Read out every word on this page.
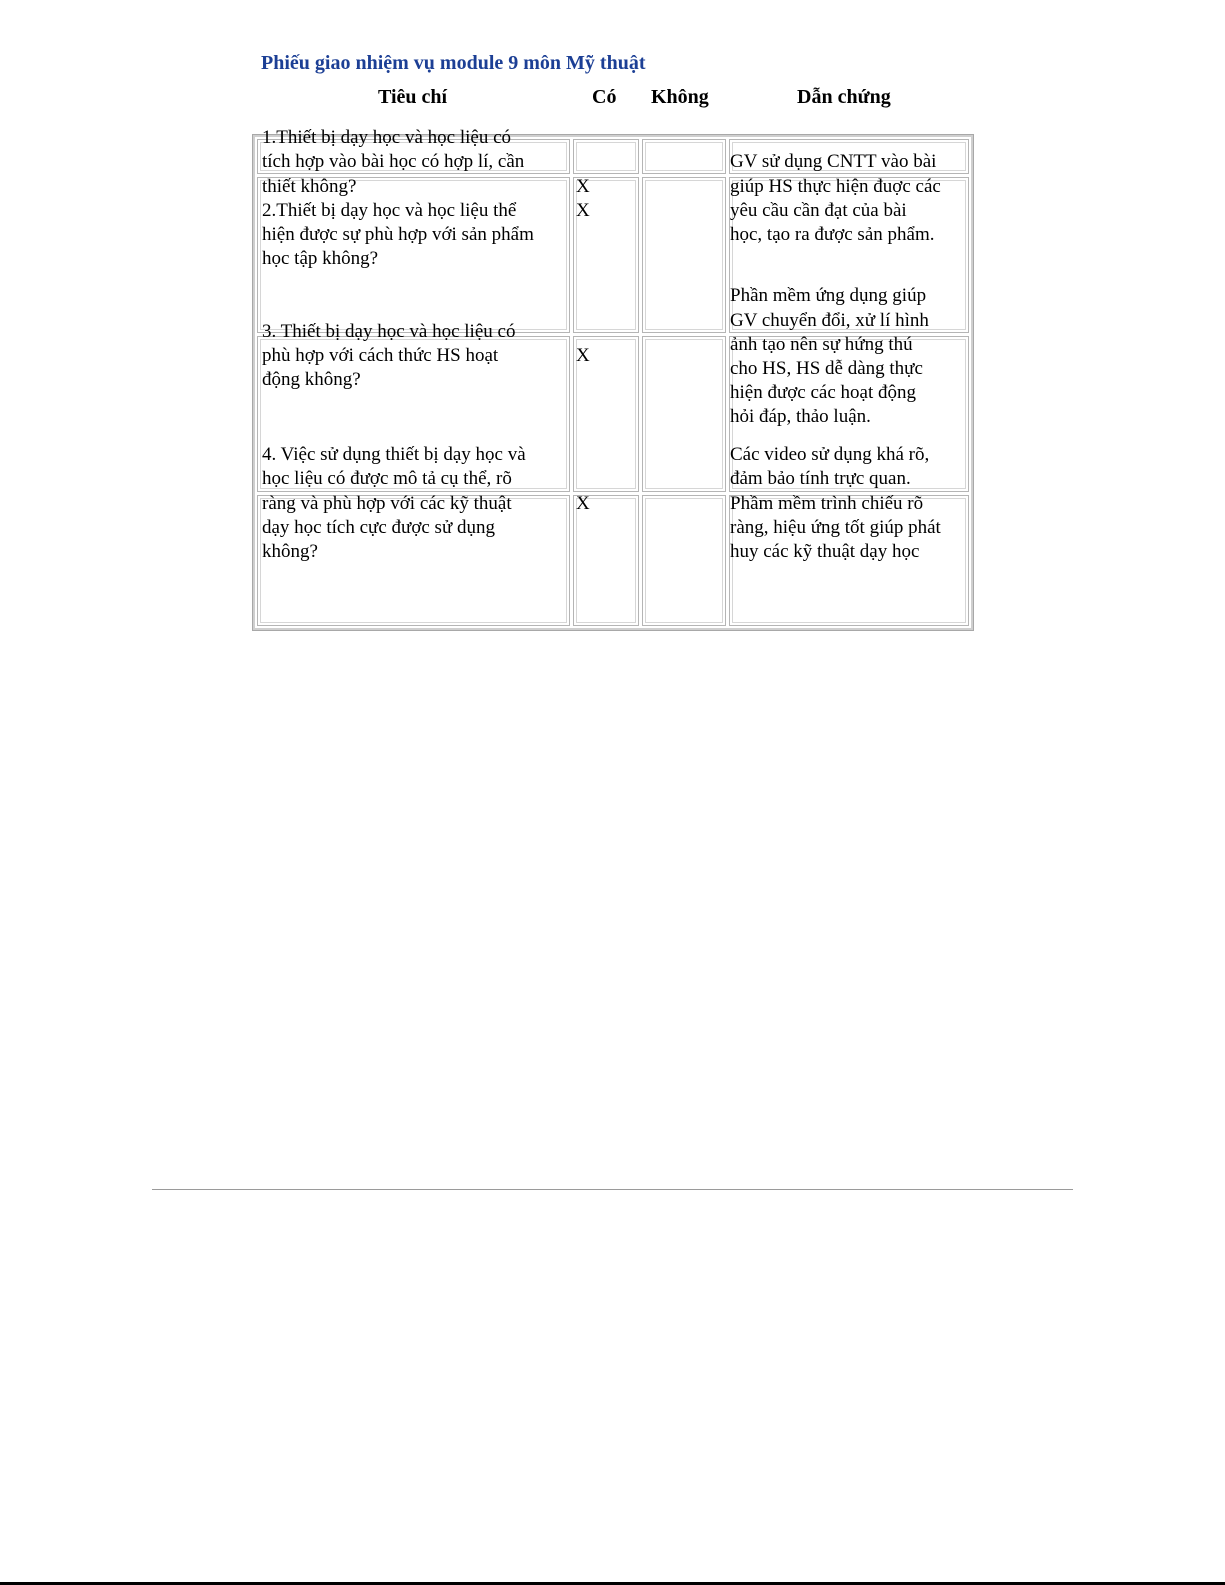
Phiếu giao nhiệm vụ module 9 môn Mỹ thuật
Tiêu chí	Có Không	Dẫn chứng
1.Thiết bị dạy học và học liệu có
tích hợp vào bài học có hợp lí, cần
thiết không?
2.Thiết bị dạy học và học liệu thể
hiện được sự phù hợp với sản phẩm
học tập không?
3. Thiết bị dạy học và học liệu có
phù hợp với cách thức HS hoạt
động không?
4. Việc sử dụng thiết bị dạy học và
học liệu có được mô tả cụ thể, rõ
ràng và phù hợp với các kỹ thuật
dạy học tích cực được sử dụng
không?
X
X
X
X
GV sử dụng CNTT vào bài
giúp HS thực hiện đuợc các
yêu cầu cần đạt của bài
học, tạo ra được sản phẩm.
Phần mềm ứng dụng giúp
GV chuyển đổi, xử lí hình
ảnh tạo nên sự hứng thú
cho HS, HS dễ dàng thực
hiện được các hoạt động
hỏi đáp, thảo luận.
Các video sử dụng khá rõ,
đảm bảo tính trực quan.
Phầm mềm trình chiếu rõ
ràng, hiệu ứng tốt giúp phát
huy các kỹ thuật dạy học
